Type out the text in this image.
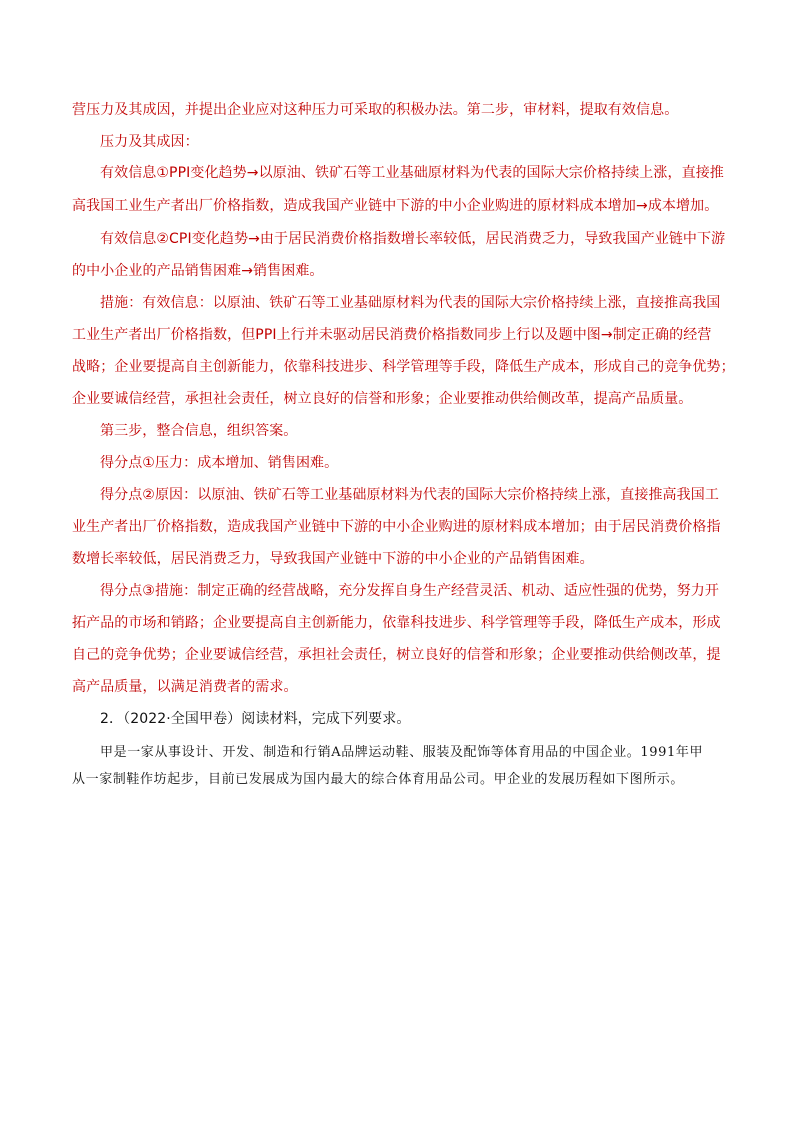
营压力及其成因，并提出企业应对这种压力可采取的积极办法。第二步，审材料，提取有效信息。
压力及其成因：
有效信息①PPI变化趋势→以原油、铁矿石等工业基础原材料为代表的国际大宗价格持续上涨，直接推
高我国工业生产者出厂价格指数，造成我国产业链中下游的中小企业购进的原材料成本增加→成本增加。
有效信息②CPI变化趋势→由于居民消费价格指数增长率较低，居民消费乏力，导致我国产业链中下游
的中小企业的产品销售困难→销售困难。
措施：有效信息：以原油、铁矿石等工业基础原材料为代表的国际大宗价格持续上涨，直接推高我国
工业生产者出厂价格指数，但PPI上行并未驱动居民消费价格指数同步上行以及题中图→制定正确的经营
战略；企业要提高自主创新能力，依靠科技进步、科学管理等手段，降低生产成本，形成自己的竞争优势；
企业要诚信经营，承担社会责任，树立良好的信誉和形象；企业要推动供给侧改革，提高产品质量。
第三步，整合信息，组织答案。
得分点①压力：成本增加、销售困难。
得分点②原因：以原油、铁矿石等工业基础原材料为代表的国际大宗价格持续上涨，直接推高我国工
业生产者出厂价格指数，造成我国产业链中下游的中小企业购进的原材料成本增加；由于居民消费价格指
数增长率较低，居民消费乏力，导致我国产业链中下游的中小企业的产品销售困难。
得分点③措施：制定正确的经营战略，充分发挥自身生产经营灵活、机动、适应性强的优势，努力开
拓产品的市场和销路；企业要提高自主创新能力，依靠科技进步、科学管理等手段，降低生产成本，形成
自己的竞争优势；企业要诚信经营，承担社会责任，树立良好的信誉和形象；企业要推动供给侧改革，提
高产品质量，以满足消费者的需求。
2．（2022·全国甲卷）阅读材料，完成下列要求。
甲是一家从事设计、开发、制造和行销A品牌运动鞋、服装及配饰等体育用品的中国企业。1991年甲
从一家制鞋作坊起步，目前已发展成为国内最大的综合体育用品公司。甲企业的发展历程如下图所示。
